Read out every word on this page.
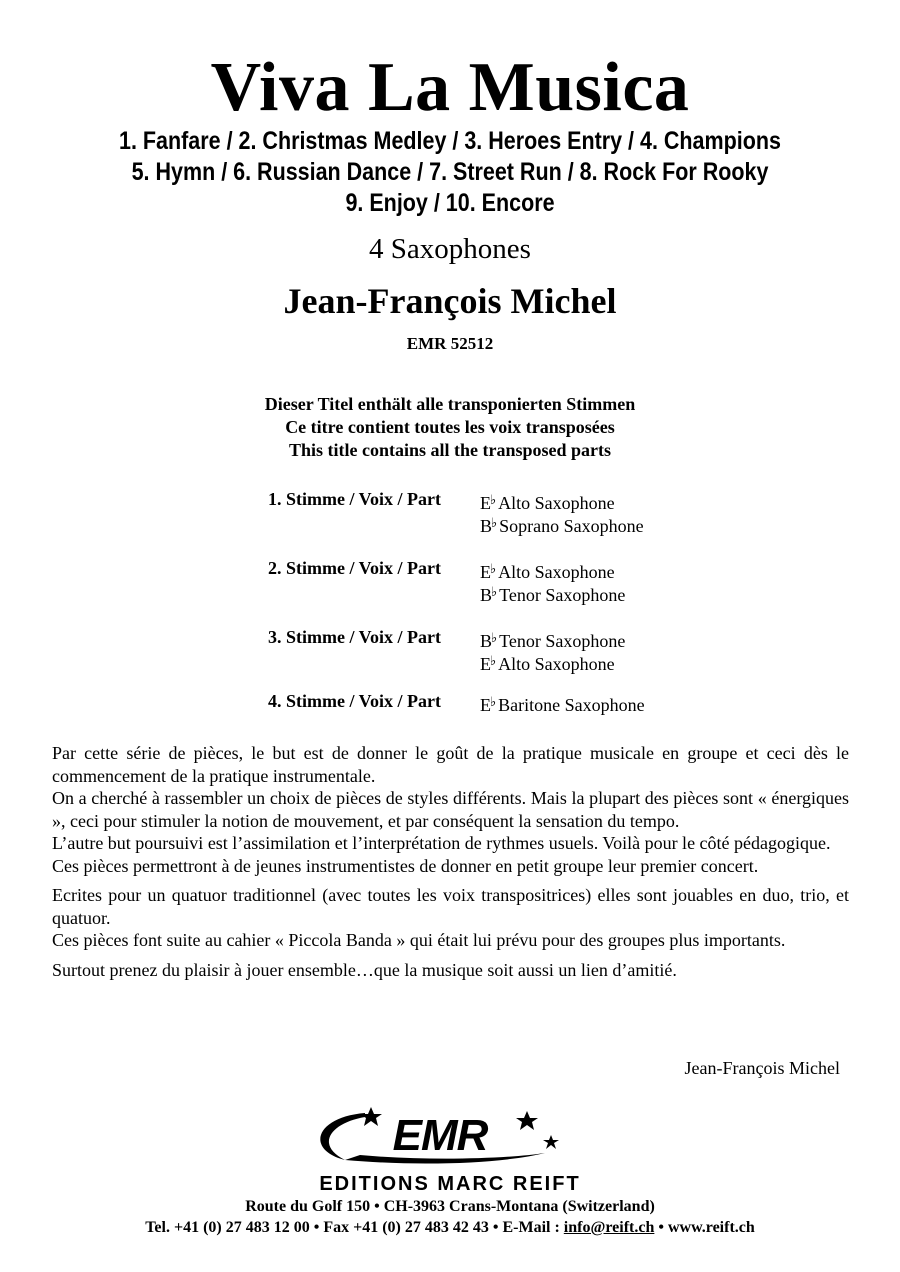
Viva La Musica
1. Fanfare / 2. Christmas Medley / 3. Heroes Entry / 4. Champions
5. Hymn / 6. Russian Dance / 7. Street Run / 8. Rock For Rooky
9. Enjoy / 10. Encore
4 Saxophones
Jean-François Michel
EMR 52512
Dieser Titel enthält alle transponierten Stimmen
Ce titre contient toutes les voix transposées
This title contains all the transposed parts
1. Stimme / Voix / Part E♭ Alto Saxophone
B♭ Soprano Saxophone
2. Stimme / Voix / Part E♭ Alto Saxophone
B♭ Tenor Saxophone
3. Stimme / Voix / Part B♭ Tenor Saxophone
E♭ Alto Saxophone
4. Stimme / Voix / Part E♭ Baritone Saxophone

Par cette série de pièces, le but est de donner le goût de la pratique musicale en groupe et ceci dès le commencement de la pratique instrumentale.

On a cherché à rassembler un choix de pièces de styles différents. Mais la plupart des pièces sont « énergiques », ceci pour stimuler la notion de mouvement, et par conséquent la sensation du tempo.

L’autre but poursuivi est l’assimilation et l’interprétation de rythmes usuels. Voilà pour le côté pédagogique.

Ces pièces permettront à de jeunes instrumentistes de donner en petit groupe leur premier concert.

Ecrites pour un quatuor traditionnel (avec toutes les voix transpositrices) elles sont jouables en duo, trio, et quatuor.

Ces pièces font suite au cahier « Piccola Banda » qui était lui prévu pour des groupes plus importants.

Surtout prenez du plaisir à jouer ensemble…que la musique soit aussi un lien d’amitié.

Jean-François Michel
EMR
EDITIONS MARC REIFT
Route du Golf 150 • CH-3963 Crans-Montana (Switzerland)
Tel. +41 (0) 27 483 12 00 • Fax +41 (0) 27 483 42 43 • E-Mail : info@reift.ch • www.reift.ch
